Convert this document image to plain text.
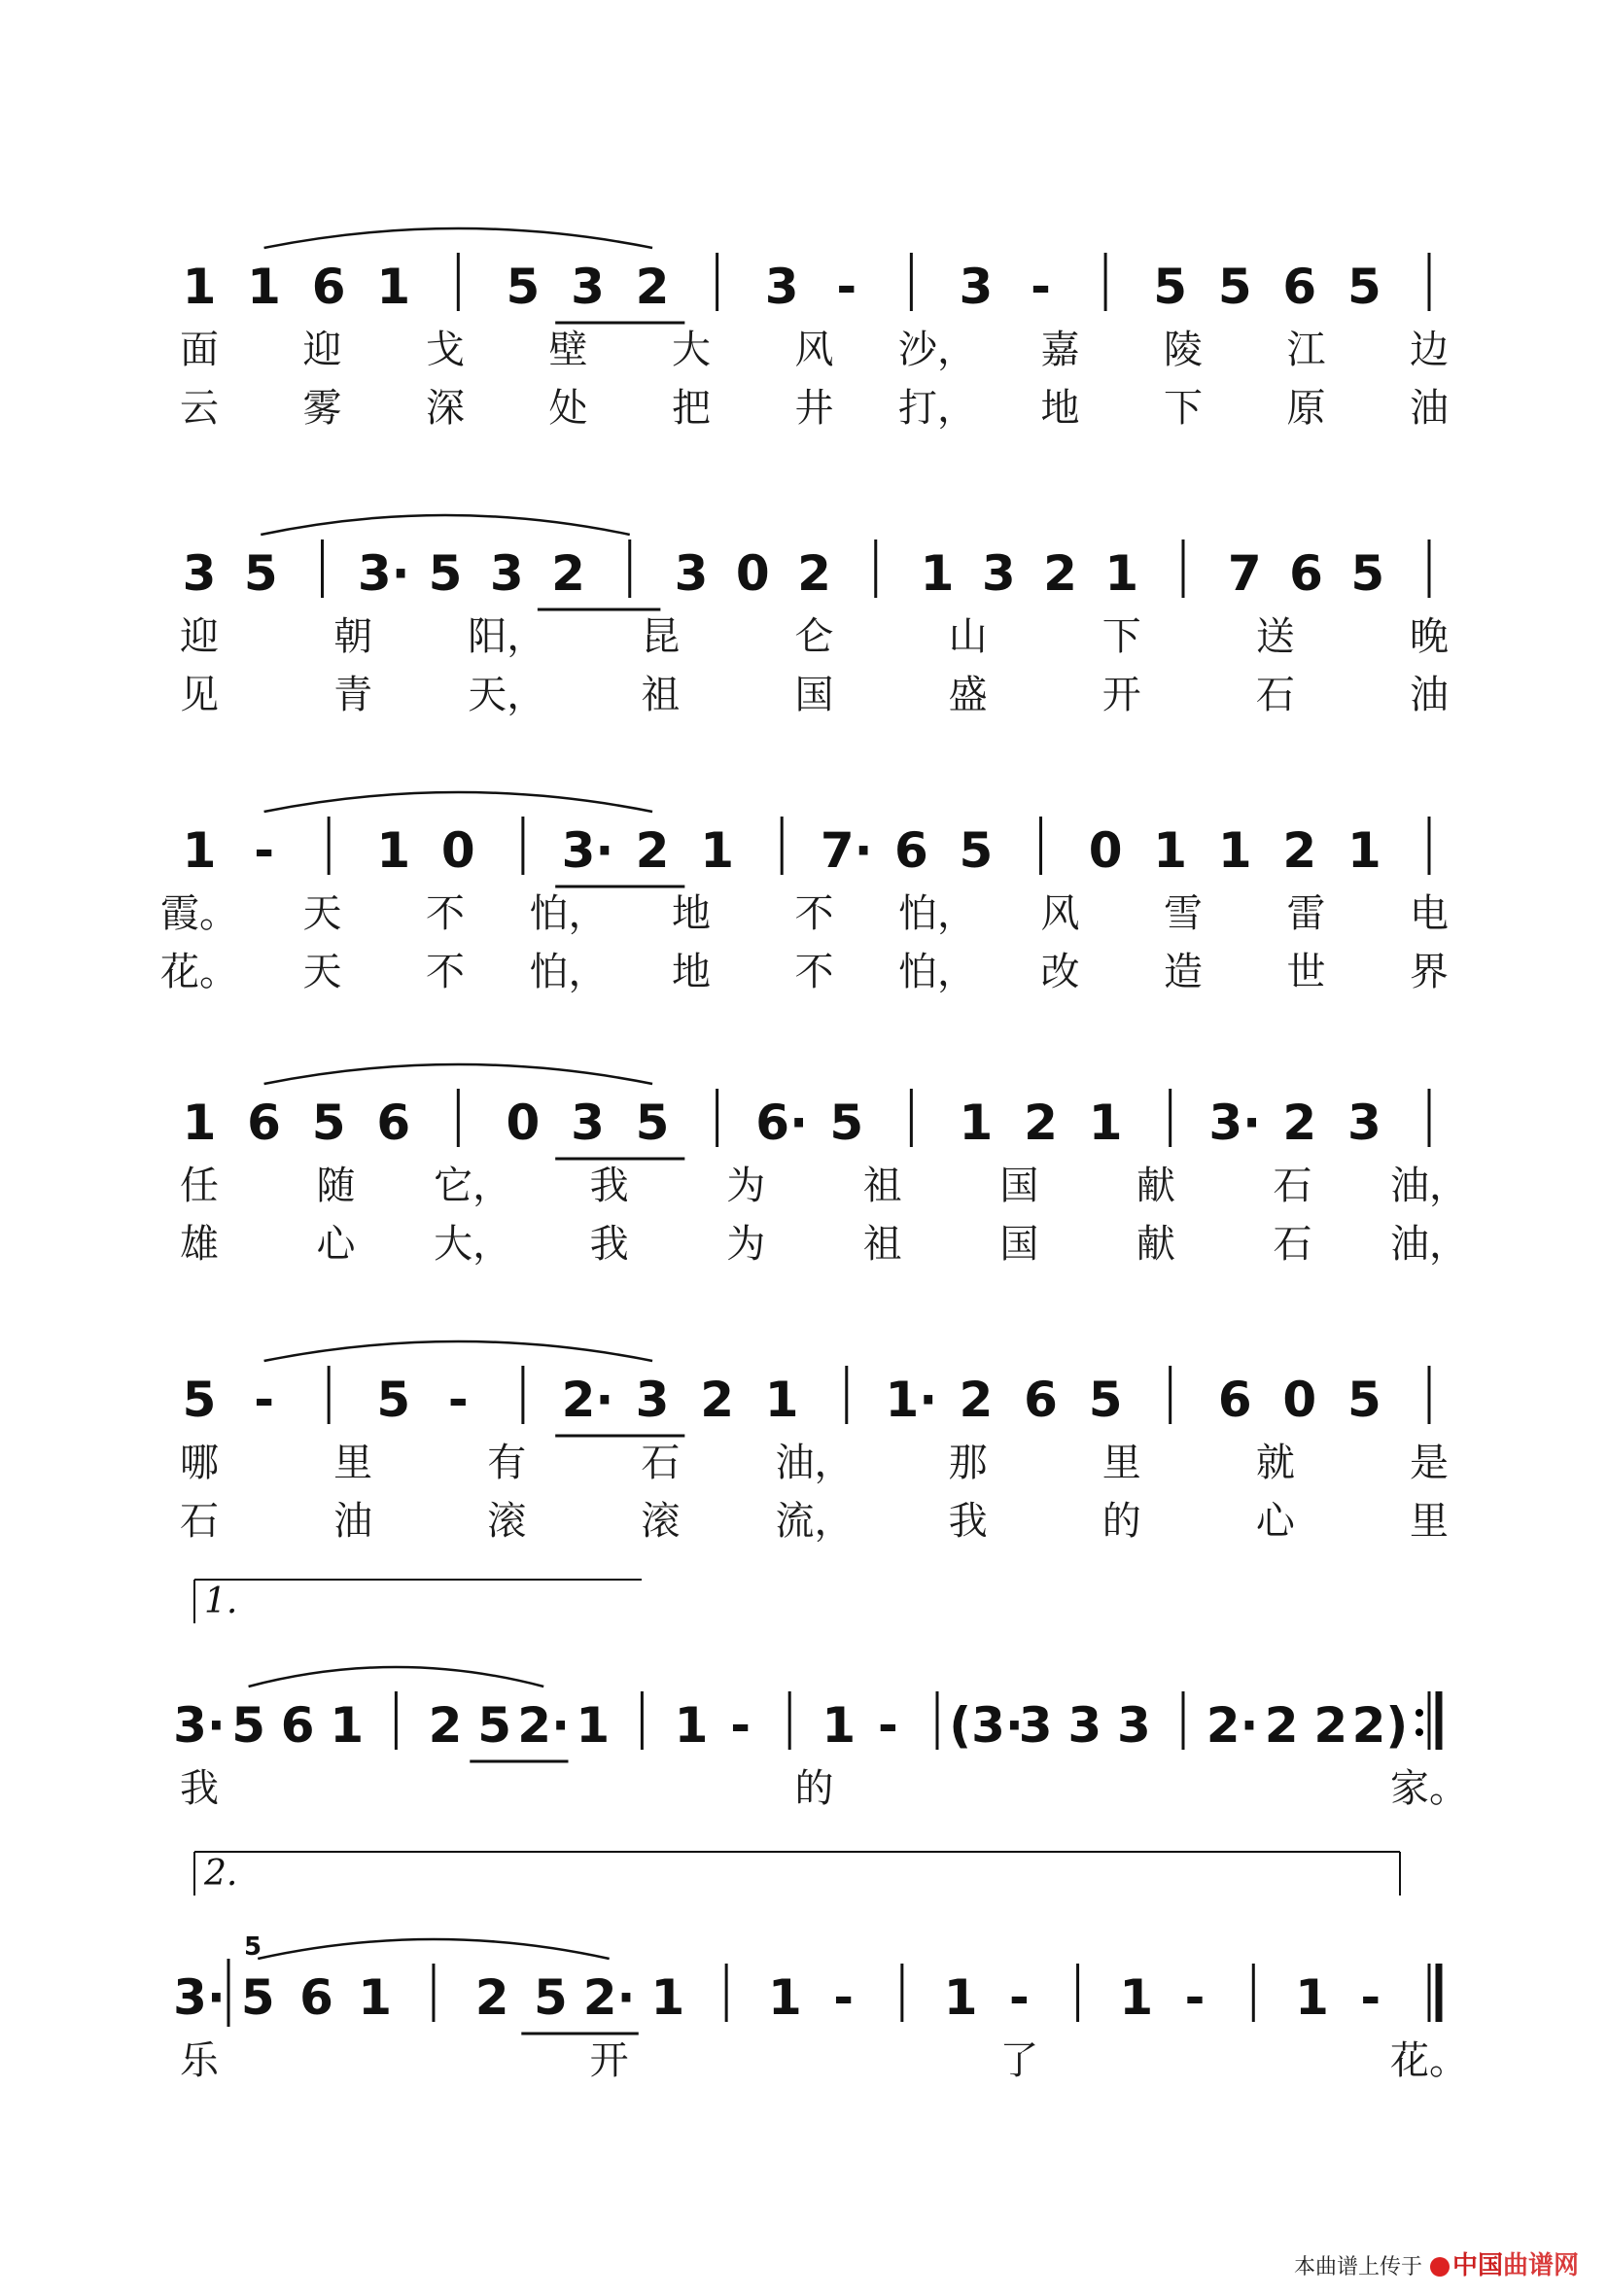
1 1 6 1 5 3 2 3 - 3 - 5 5 6 5
面 迎 戈 壁 大 风 沙， 嘉 陵 江 边
云 雾 深 处 把 井 打， 地 下 原 油
3 5 3· 5 3 2 3 0 2 1 3 2 1 7 6 5
迎	朝 阳， 昆	仑	山	下	送	晚
见	青 天， 祖	国	盛	开	石	油
1 - 1 0 3· 2 1 7· 6 5 0 1 1 2 1
霞。 天 不 怕， 地 不 怕， 风 雪 雷 电
花。 天 不 怕， 地 不 怕， 改 造 世 界
1 6 5 6 0 3 5 6· 5 1 2 1 3· 2 3
任	随 它， 我	为	祖	国	献	石 油，
雄	心 大， 我	为	祖	国	献	石 油，
5 - 5 - 2· 3 2 1 1· 2 6 5 6 0 5
哪	里	有	石 油， 那	里	就	是
石	油	滚	滚 流， 我	的	心	里
3· 5 6 1 2 5 2· 1 1 - 1 - (3·
3 3 3 2· 2 2 2)
我	的	家。
1.
3· 5 6 1 2 5 2· 1 1 - 1 - 1 - 1 -
乐	开	了	花。
2.
5
本曲谱上传于 中国曲谱网
